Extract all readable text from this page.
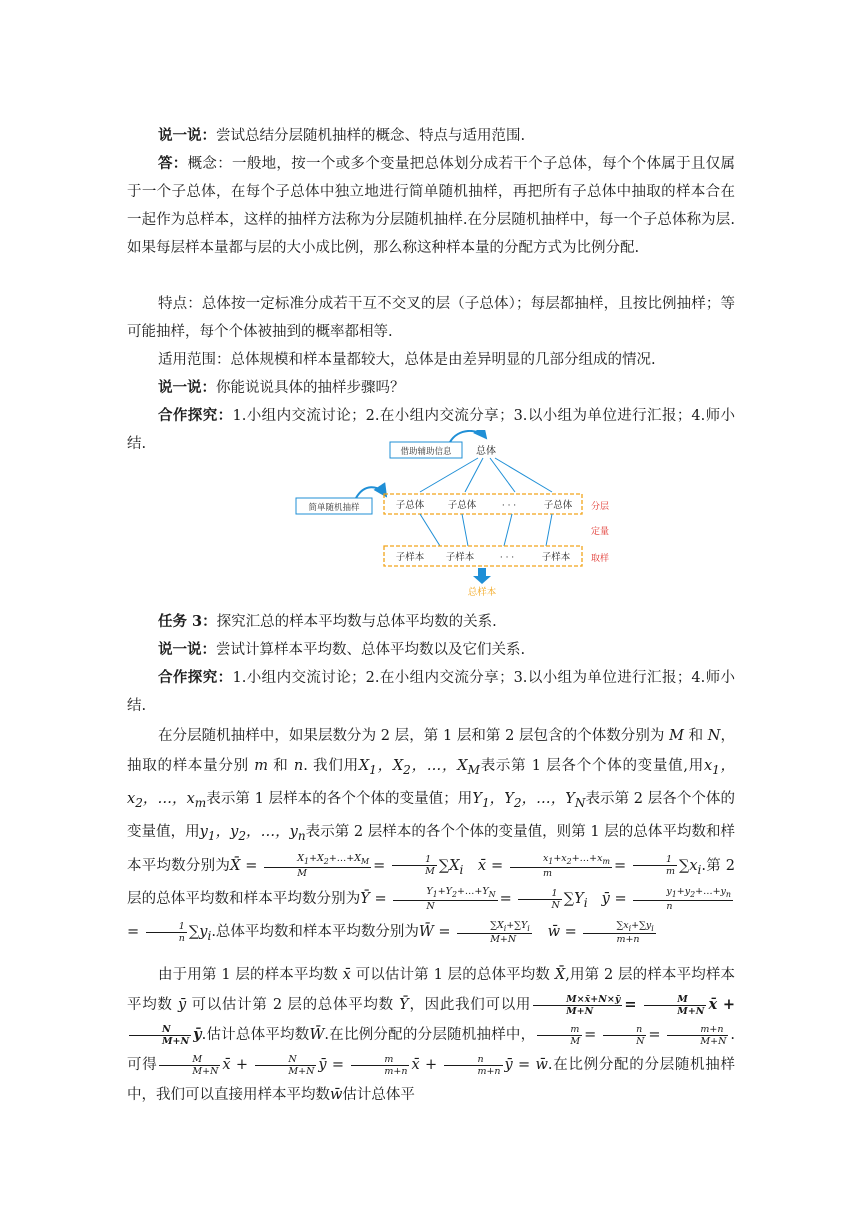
说一说：尝试总结分层随机抽样的概念、特点与适用范围.

答：概念：一般地，按一个或多个变量把总体划分成若干个子总体，每个个体属于且仅属于一个子总体，在每个子总体中独立地进行简单随机抽样，再把所有子总体中抽取的样本合在一起作为总样本，这样的抽样方法称为分层随机抽样.在分层随机抽样中，每一个子总体称为层.如果每层样本量都与层的大小成比例，那么称这种样本量的分配方式为比例分配.

特点：总体按一定标准分成若干互不交叉的层（子总体）；每层都抽样，且按比例抽样；等可能抽样，每个个体被抽到的概率都相等.

适用范围：总体规模和样本量都较大，总体是由差异明显的几部分组成的情况.

说一说：你能说说具体的抽样步骤吗？

合作探究：1.小组内交流讨论；2.在小组内交流分享；3.以小组为单位进行汇报；4.师小结.	借助辅助信息 总体
简单随机抽样	子总体 子总体	· · ·	子总体 分层
定量
子样本 子样本	· · ·	子样本 取样
总样本

任务 3：探究汇总的样本平均数与总体平均数的关系.

说一说：尝试计算样本平均数、总体平均数以及它们关系.

合作探究：1.小组内交流讨论；2.在小组内交流分享；3.以小组为单位进行汇报；4.师小结.

在分层随机抽样中，如果层数分为 2 层，第 1 层和第 2 层包含的个体数分别为 M 和 N，抽取的样本量分别 m 和 n. 我们用$X_1$，$X_2$，…，$X_M$表示第 1 层各个个体的变量值,用$x_1$，$x_2$，…，$x_m$表示第 1 层样本的各个个体的变量值；用$Y_1$，$Y_2$，…，$Y_N$表示第 2 层各个个体的变量值，用$y_1$，$y_2$，…，$y_n$表示第 2 层样本的各个个体的变量值，则第 1 层的总体平均数和样本平均数分别为X̄ = $\frac{X_1+X_2+\dots+X_M}{M} = \frac{1}{M} \sum X_i$   x̄ = $\frac{x_1+x_2+\dots+x_m}{m} = \frac{1}{m} \sum x_i$.第 2 层的总体平均数和样本平均数分别为Ȳ = $\frac{Y_1+Y_2+\dots+Y_N}{N} = \frac{1}{N} \sum Y_i$   ȳ = $\frac{y_1+y_2+\dots+y_n}{n}$
= $\frac{1}{n} \sum y_i$.总体平均数和样本平均数分别为W̄ = $\frac{\sum X_i+\sum Y_i}{M+N}$ w̄ = $\frac{\sum x_i+\sum y_i}{m+n}$

由于用第 1 层的样本平均数 x̄ 可以估计第 1 层的总体平均数 X̄,用第 2 层的样本平均样本平均数 ȳ 可以估计第 2 层的总体平均数 Ȳ，因此我们可以用 $\frac{M\times x̄+N\times ȳ}{M+N} = \frac{M}{M+N}$ x̄ +
$\frac{N}{M+N}$ ȳ.估计总体平均数W̄.在比例分配的分层随机抽样中， $\frac{m}{M} = \frac{n}{N} = \frac{m+n}{M+N}$ .可得 $\frac{M}{M+N}$ x̄ + $\frac{N}{M+N}$ ȳ = $\frac{m}{m+n}$ x̄ + $\frac{n}{m+n}$ ȳ = w̄.在比例分配的分层随机抽样中，我们可以直接用样本平均数w̄估计总体平
